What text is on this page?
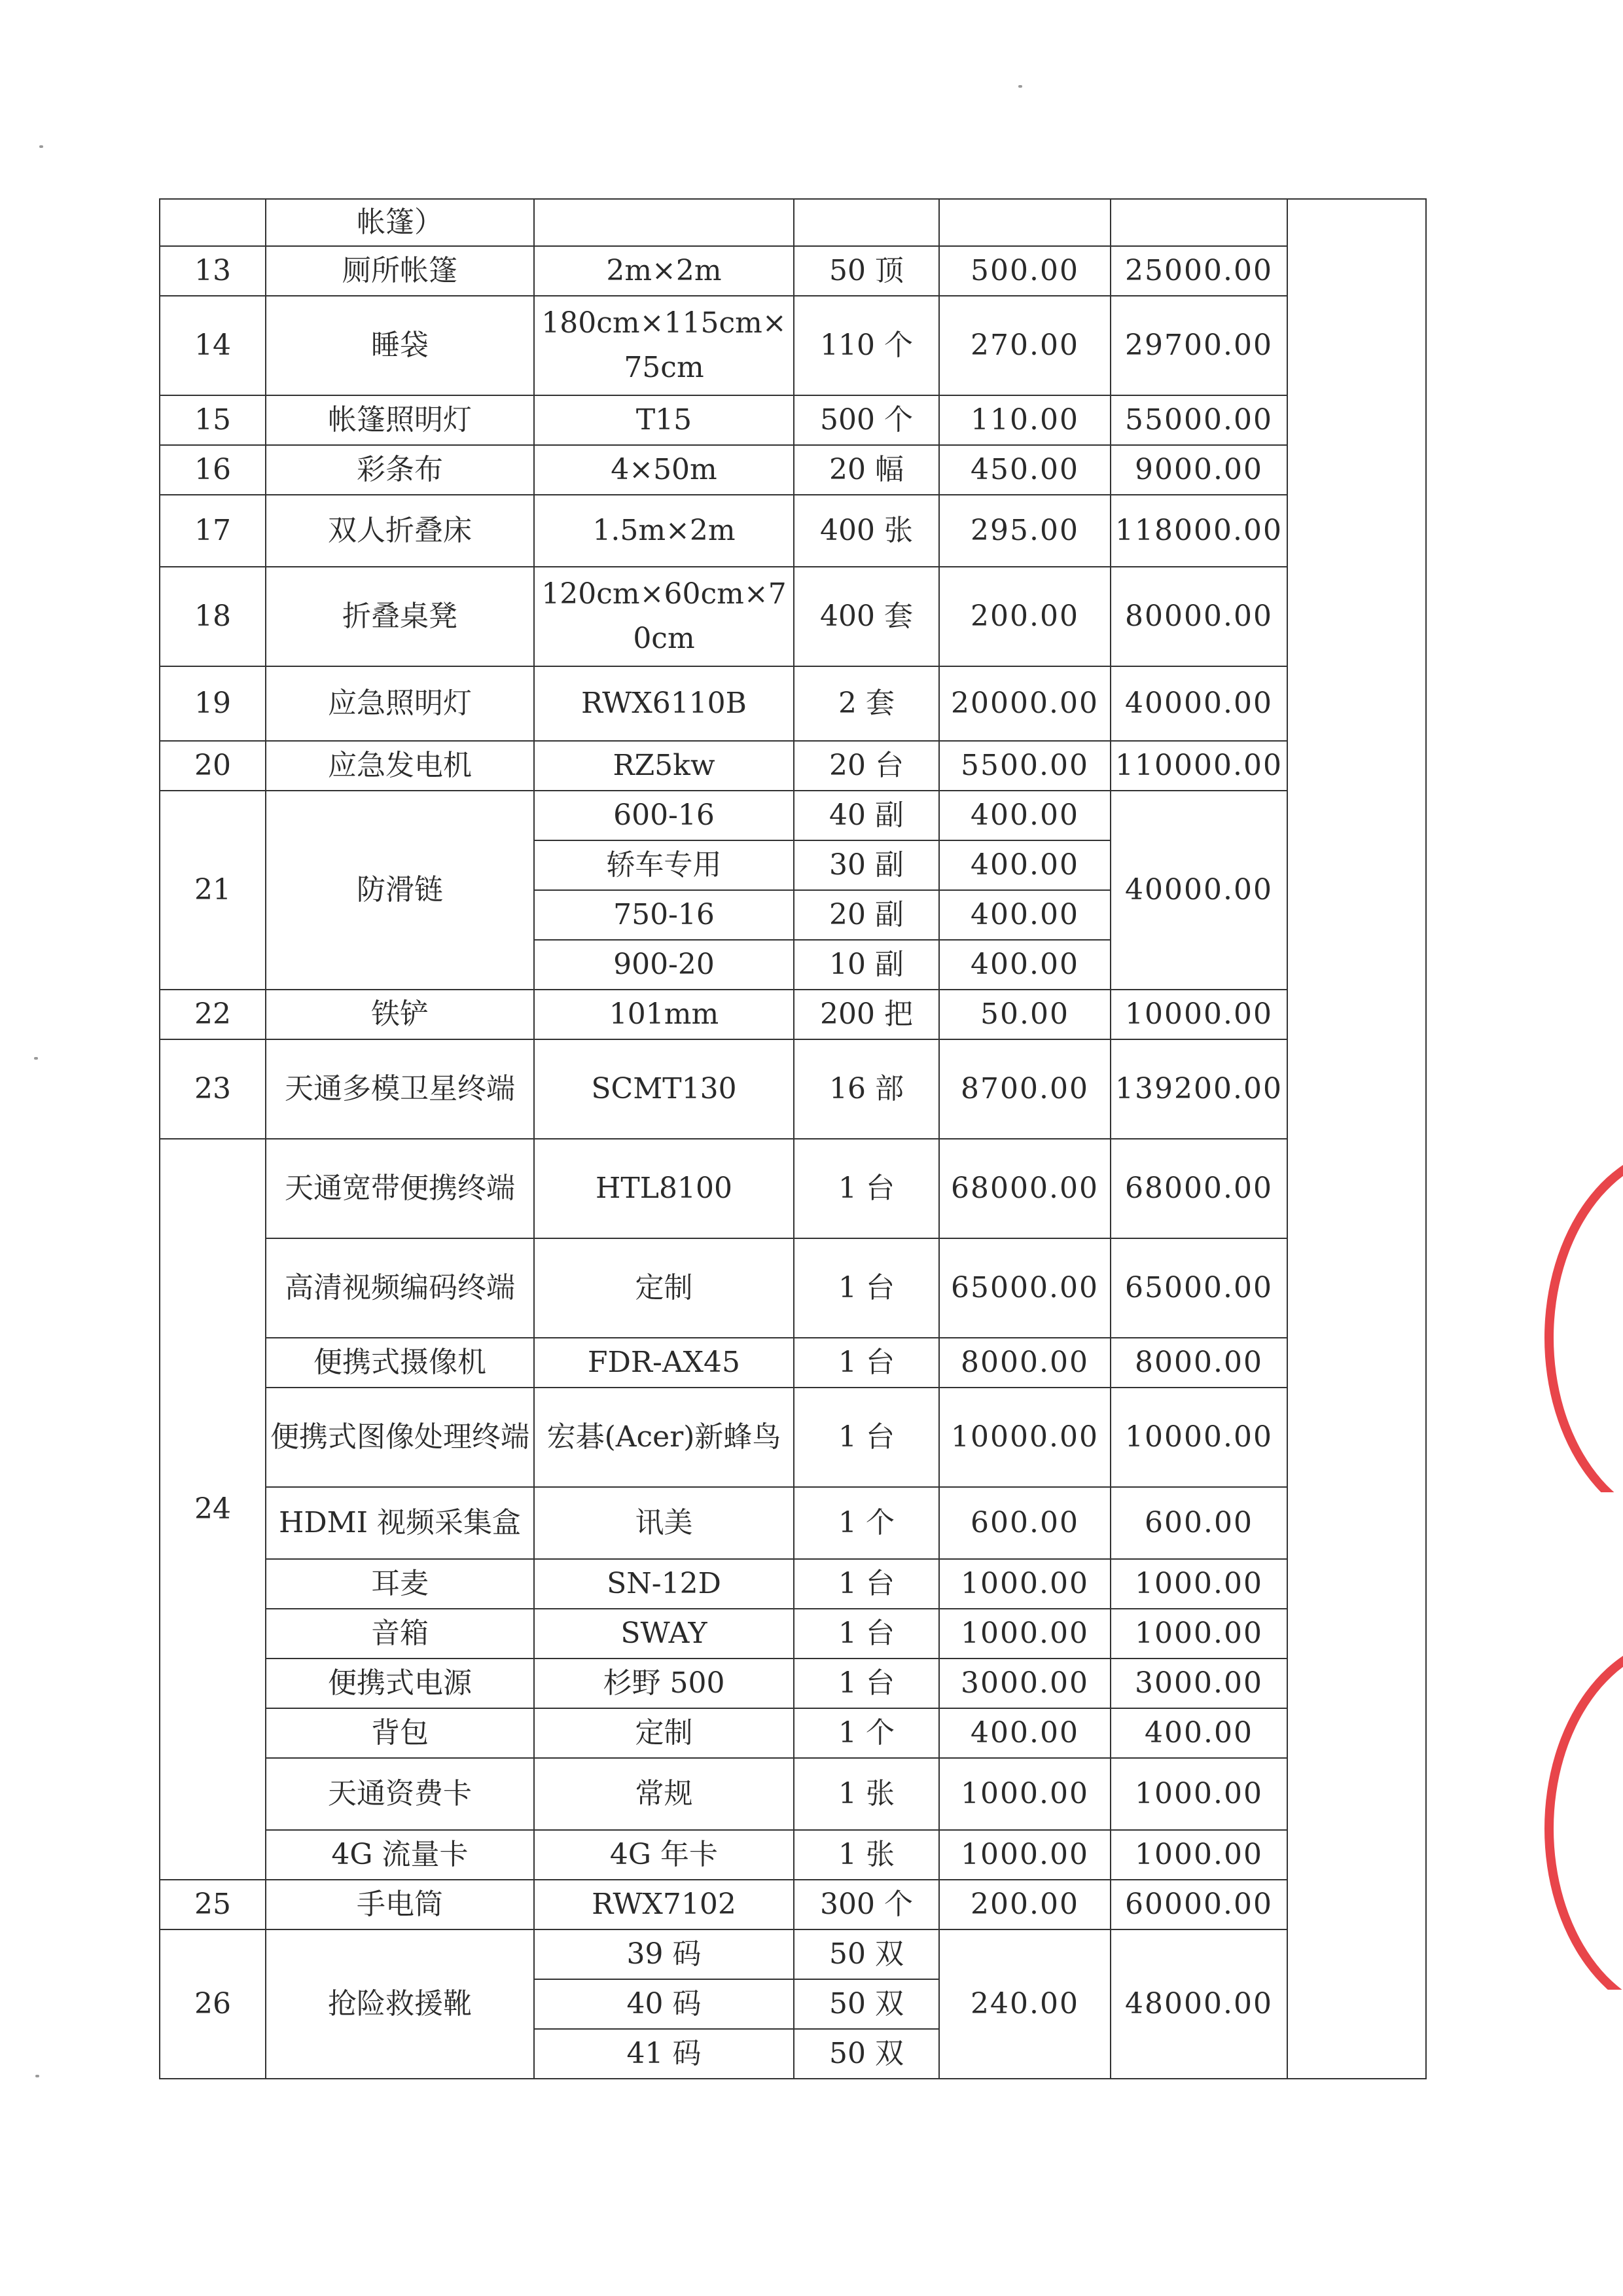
	帐篷）					
13	厕所帐篷	2m×2m	50 顶	500.00	25000.00	
14	睡袋	180cm×115cm×75cm	110 个	270.00	29700.00	
15	帐篷照明灯	T15	500 个	110.00	55000.00	
16	彩条布	4×50m	20 幅	450.00	9000.00	
17	双人折叠床	1.5m×2m	400 张	295.00	118000.00	
18	折叠桌凳	120cm×60cm×70cm	400 套	200.00	80000.00	
19	应急照明灯	RWX6110B	2 套	20000.00	40000.00	
20	应急发电机	RZ5kw	20 台	5500.00	110000.00	
21	防滑链	600-16	40 副	400.00	40000.00	
		轿车专用	30 副	400.00		
		750-16	20 副	400.00		
		900-20	10 副	400.00		
22	铁铲	101mm	200 把	50.00	10000.00	
23	天通多模卫星终端	SCMT130	16 部	8700.00	139200.00	
24	天通宽带便携终端	HTL8100	1 台	68000.00	68000.00	
	高清视频编码终端	定制	1 台	65000.00	65000.00	
	便携式摄像机	FDR-AX45	1 台	8000.00	8000.00	
	便携式图像处理终端	宏碁(Acer)新蜂鸟	1 台	10000.00	10000.00	
	HDMI 视频采集盒	讯美	1 个	600.00	600.00	
	耳麦	SN-12D	1 台	1000.00	1000.00	
	音箱	SWAY	1 台	1000.00	1000.00	
	便携式电源	杉野 500	1 台	3000.00	3000.00	
	背包	定制	1 个	400.00	400.00	
	天通资费卡	常规	1 张	1000.00	1000.00	
	4G 流量卡	4G 年卡	1 张	1000.00	1000.00	
25	手电筒	RWX7102	300 个	200.00	60000.00	
26	抢险救援靴	39 码	50 双	240.00	48000.00	
		40 码	50 双			
		41 码	50 双			
